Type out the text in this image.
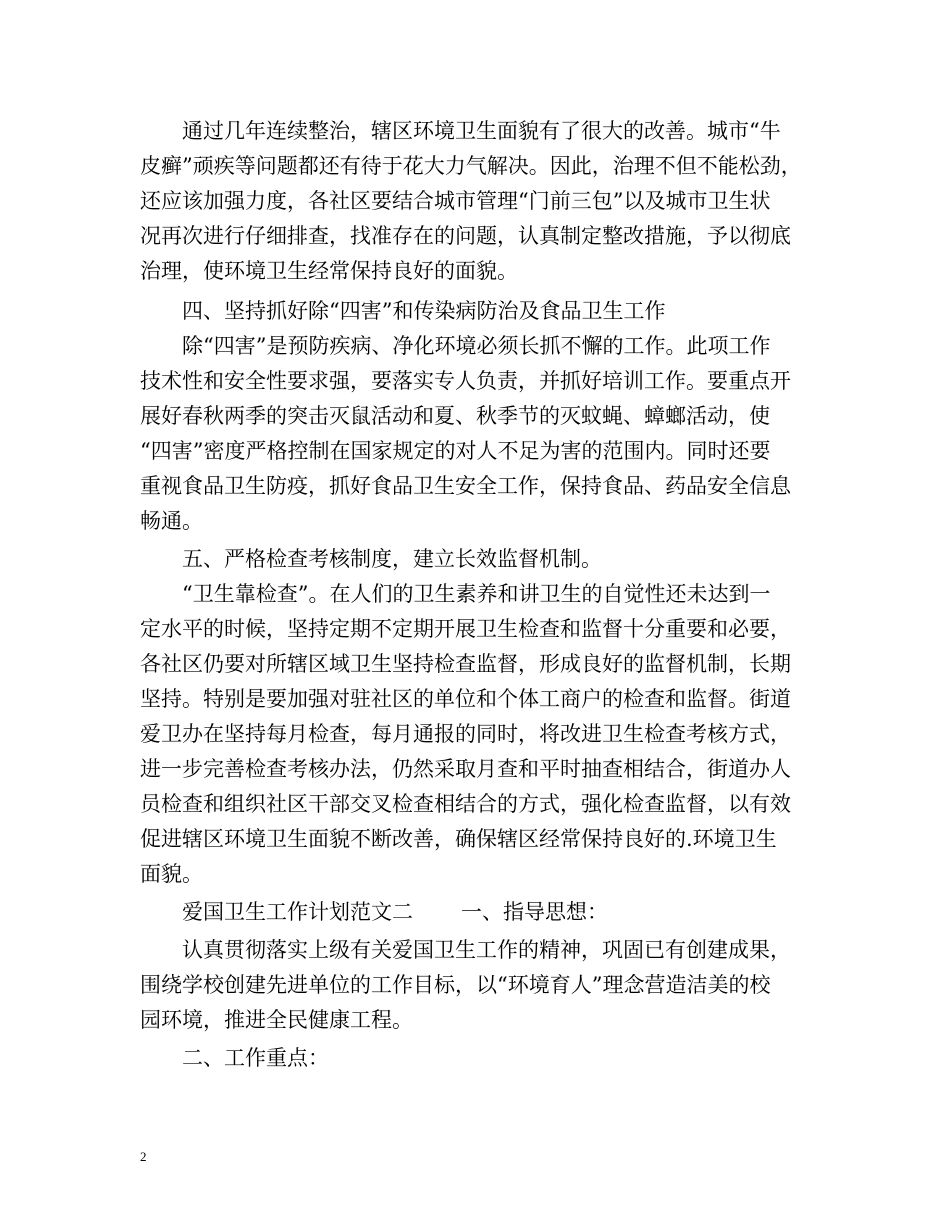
　　通过几年连续整治，辖区环境卫生面貌有了很大的改善。城市“牛
皮癣”顽疾等问题都还有待于花大力气解决。因此，治理不但不能松劲，
还应该加强力度，各社区要结合城市管理“门前三包”以及城市卫生状
况再次进行仔细排查，找准存在的问题，认真制定整改措施，予以彻底
治理，使环境卫生经常保持良好的面貌。
　　四、坚持抓好除“四害”和传染病防治及食品卫生工作
　　除“四害”是预防疾病、净化环境必须长抓不懈的工作。此项工作
技术性和安全性要求强，要落实专人负责，并抓好培训工作。要重点开
展好春秋两季的突击灭鼠活动和夏、秋季节的灭蚊蝇、蟑螂活动，使
“四害”密度严格控制在国家规定的对人不足为害的范围内。同时还要
重视食品卫生防疫，抓好食品卫生安全工作，保持食品、药品安全信息
畅通。
　　五、严格检查考核制度，建立长效监督机制。
　　“卫生靠检查”。在人们的卫生素养和讲卫生的自觉性还未达到一
定水平的时候，坚持定期不定期开展卫生检查和监督十分重要和必要，
各社区仍要对所辖区域卫生坚持检查监督，形成良好的监督机制，长期
坚持。特别是要加强对驻社区的单位和个体工商户的检查和监督。街道
爱卫办在坚持每月检查，每月通报的同时，将改进卫生检查考核方式，
进一步完善检查考核办法，仍然采取月查和平时抽查相结合，街道办人
员检查和组织社区干部交叉检查相结合的方式，强化检查监督，以有效
促进辖区环境卫生面貌不断改善，确保辖区经常保持良好的.环境卫生
面貌。
　　爱国卫生工作计划范文二 一、指导思想：
　　认真贯彻落实上级有关爱国卫生工作的精神，巩固已有创建成果，
围绕学校创建先进单位的工作目标，以“环境育人”理念营造洁美的校
园环境，推进全民健康工程。
　　二、工作重点：
2
